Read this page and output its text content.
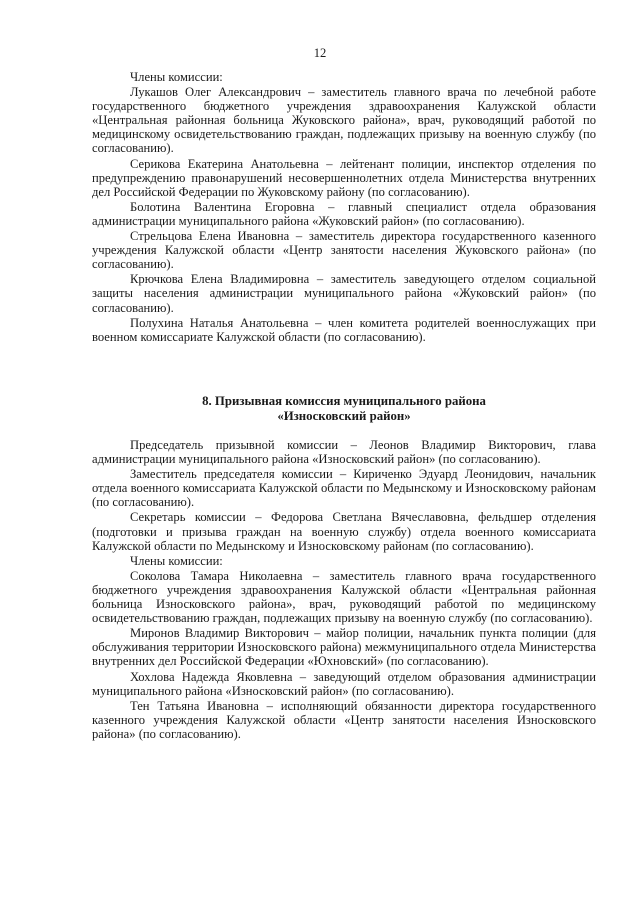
12

Члены комиссии:

Лукашов Олег Александрович – заместитель главного врача по лечебной работе государственного бюджетного учреждения здравоохранения Калужской области «Центральная районная больница Жуковского района», врач, руководящий работой по медицинскому освидетельствованию граждан, подлежащих призыву на военную службу (по согласованию).

Серикова Екатерина Анатольевна – лейтенант полиции, инспектор отделения по предупреждению правонарушений несовершеннолетних отдела Министерства внутренних дел Российской Федерации по Жуковскому району (по согласованию).

Болотина Валентина Егоровна – главный специалист отдела образования администрации муниципального района «Жуковский район» (по согласованию).

Стрельцова Елена Ивановна – заместитель директора государственного казенного учреждения Калужской области «Центр занятости населения Жуковского района» (по согласованию).

Крючкова Елена Владимировна – заместитель заведующего отделом социальной защиты населения администрации муниципального района «Жуковский район» (по согласованию).

Полухина Наталья Анатольевна – член комитета родителей военнослужащих при военном комиссариате Калужской области (по согласованию).

8. Призывная комиссия муниципального района
«Износковский район»

Председатель призывной комиссии – Леонов Владимир Викторович, глава администрации муниципального района «Износковский район» (по согласованию).

Заместитель председателя комиссии – Кириченко Эдуард Леонидович, начальник отдела военного комиссариата Калужской области по Медынскому и Износковскому районам (по согласованию).

Секретарь комиссии – Федорова Светлана Вячеславовна, фельдшер отделения (подготовки и призыва граждан на военную службу) отдела военного комиссариата Калужской области по Медынскому и Износковскому районам (по согласованию).

Члены комиссии:

Соколова Тамара Николаевна – заместитель главного врача государственного бюджетного учреждения здравоохранения Калужской области «Центральная районная больница Износковского района», врач, руководящий работой по медицинскому освидетельствованию граждан, подлежащих призыву на военную службу (по согласованию).

Миронов Владимир Викторович – майор полиции, начальник пункта полиции (для обслуживания территории Износковского района) межмуниципального отдела Министерства внутренних дел Российской Федерации «Юхновский» (по согласованию).

Хохлова Надежда Яковлевна – заведующий отделом образования администрации муниципального района «Износковский район» (по согласованию).

Тен Татьяна Ивановна – исполняющий обязанности директора государственного казенного учреждения Калужской области «Центр занятости населения Износковского района» (по согласованию).
